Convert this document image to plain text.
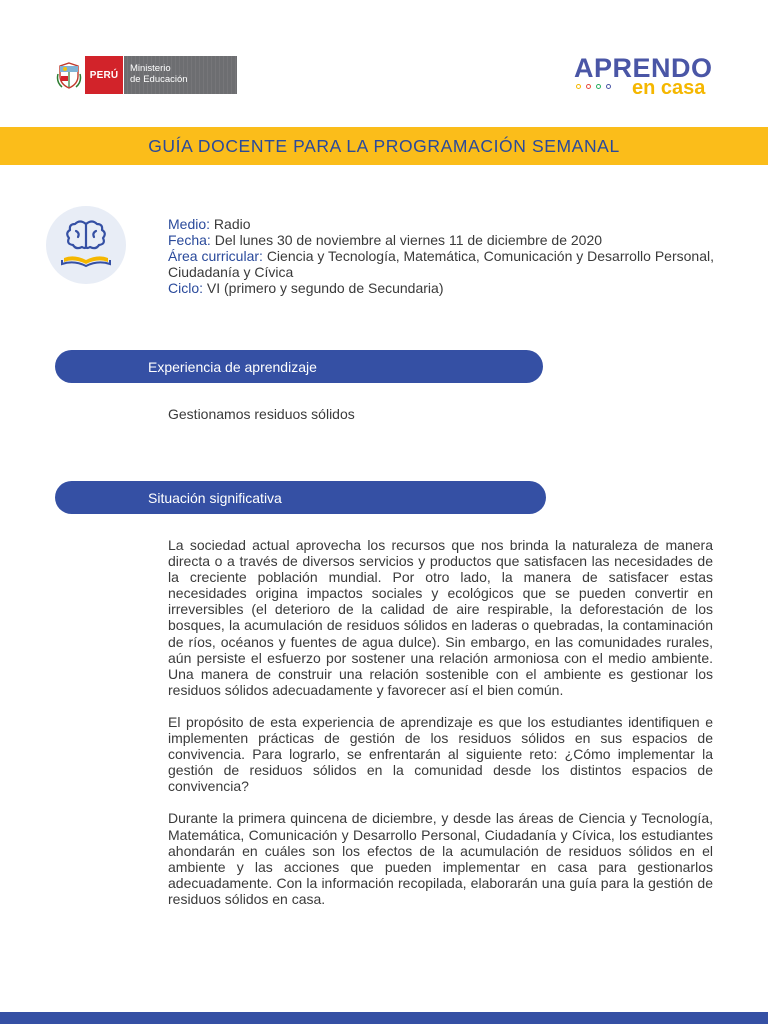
PERÚ
Ministerio
de Educación	APRENDO
en casa
GUÍA DOCENTE PARA LA PROGRAMACIÓN SEMANAL
Medio: Radio
Fecha: Del lunes 30 de noviembre al viernes 11 de diciembre de 2020
Área curricular: Ciencia y Tecnología, Matemática, Comunicación y Desarrollo Personal, Ciudadanía y Cívica
Ciclo: VI (primero y segundo de Secundaria)
Experiencia de aprendizaje
Gestionamos residuos sólidos
Situación significativa

La sociedad actual aprovecha los recursos que nos brinda la naturaleza de manera directa o a través de diversos servicios y productos que satisfacen las necesidades de la creciente población mundial. Por otro lado, la manera de satisfacer estas necesidades origina impactos sociales y ecológicos que se pueden convertir en irreversibles (el deterioro de la calidad de aire respirable, la deforestación de los bosques, la acumulación de residuos sólidos en laderas o quebradas, la contaminación de ríos, océanos y fuentes de agua dulce). Sin embargo, en las comunidades rurales, aún persiste el esfuerzo por sostener una relación armoniosa con el medio ambiente. Una manera de construir una relación sostenible con el ambiente es gestionar los residuos sólidos adecuadamente y favorecer así el bien común.

El propósito de esta experiencia de aprendizaje es que los estudiantes identifiquen e implementen prácticas de gestión de los residuos sólidos en sus espacios de convivencia. Para lograrlo, se enfrentarán al siguiente reto: ¿Cómo implementar la gestión de residuos sólidos en la comunidad desde los distintos espacios de convivencia?

Durante la primera quincena de diciembre, y desde las áreas de Ciencia y Tecnología, Matemática, Comunicación y Desarrollo Personal, Ciudadanía y Cívica, los estudiantes ahondarán en cuáles son los efectos de la acumulación de residuos sólidos en el ambiente y las acciones que pueden implementar en casa para gestionarlos adecuadamente. Con la información recopilada, elaborarán una guía para la gestión de residuos sólidos en casa.
